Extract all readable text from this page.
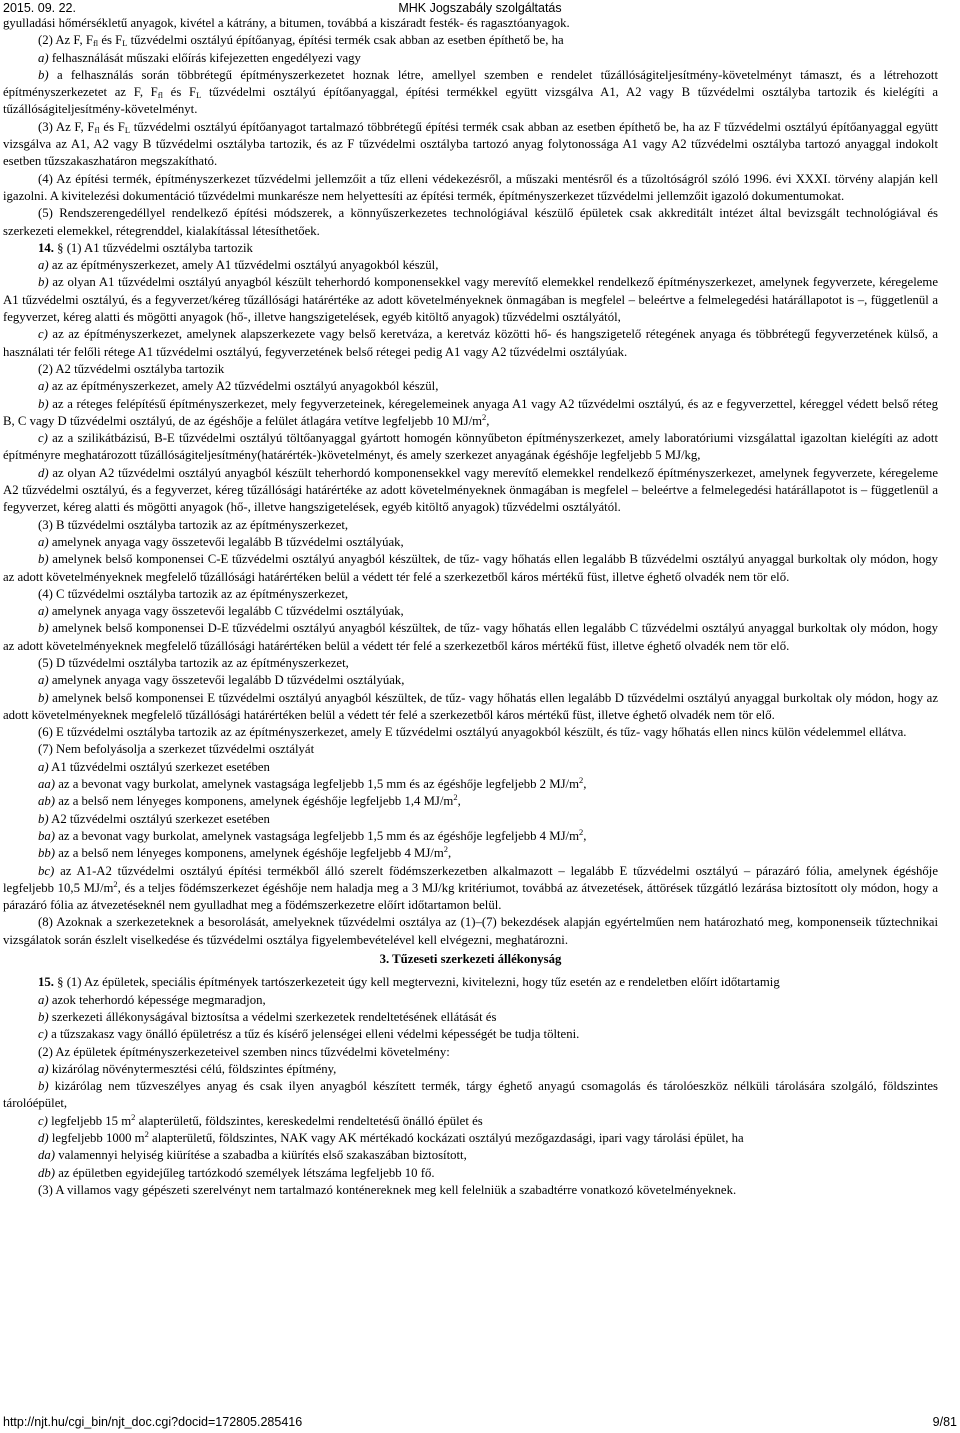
2015. 09. 22.	MHK Jogszabály szolgáltatás

gyulladási hőmérsékletű anyagok, kivétel a kátrány, a bitumen, továbbá a kiszáradt festék- és ragasztóanyagok.

(2) Az F, $F_{fl}$ és $F_L$ tűzvédelmi osztályú építőanyag, építési termék csak abban az esetben építhető be, ha

a) felhasználását műszaki előírás kifejezetten engedélyezi vagy

b) a felhasználás során többrétegű építményszerkezetet hoznak létre, amellyel szemben e rendelet tűzállóságiteljesítmény-követelményt támaszt, és a létrehozott építményszerkezetet az F, $F_{fl}$ és $F_L$ tűzvédelmi osztályú építőanyaggal, építési termékkel együtt vizsgálva A1, A2 vagy B tűzvédelmi osztályba tartozik és kielégíti a tűzállóságiteljesítmény-követelményt.

(3) Az F, $F_{fl}$ és $F_L$ tűzvédelmi osztályú építőanyagot tartalmazó többrétegű építési termék csak abban az esetben építhető be, ha az F tűzvédelmi osztályú építőanyaggal együtt vizsgálva az A1, A2 vagy B tűzvédelmi osztályba tartozik, és az F tűzvédelmi osztályba tartozó anyag folytonossága A1 vagy A2 tűzvédelmi osztályba tartozó anyaggal indokolt esetben tűzszakaszhatáron megszakítható.

(4) Az építési termék, építményszerkezet tűzvédelmi jellemzőit a tűz elleni védekezésről, a műszaki mentésről és a tűzoltóságról szóló 1996. évi XXXI. törvény alapján kell igazolni. A kivitelezési dokumentáció tűzvédelmi munkarésze nem helyettesíti az építési termék, építményszerkezet tűzvédelmi jellemzőit igazoló dokumentumokat.

(5) Rendszerengedéllyel rendelkező építési módszerek, a könnyűszerkezetes technológiával készülő épületek csak akkreditált intézet által bevizsgált technológiával és szerkezeti elemekkel, rétegrenddel, kialakítással létesíthetőek.

14. § (1) A1 tűzvédelmi osztályba tartozik

a) az az építményszerkezet, amely A1 tűzvédelmi osztályú anyagokból készül,

b) az olyan A1 tűzvédelmi osztályú anyagból készült teherhordó komponensekkel vagy merevítő elemekkel rendelkező építményszerkezet, amelynek fegyverzete, kéregeleme A1 tűzvédelmi osztályú, és a fegyverzet/kéreg tűzállósági határértéke az adott követelményeknek önmagában is megfelel – beleértve a felmelegedési határállapotot is –, függetlenül a fegyverzet, kéreg alatti és mögötti anyagok (hő-, illetve hangszigetelések, egyéb kitöltő anyagok) tűzvédelmi osztályától,

c) az az építményszerkezet, amelynek alapszerkezete vagy belső keretváza, a keretváz közötti hő- és hangszigetelő rétegének anyaga és többrétegű fegyverzetének külső, a használati tér felőli rétege A1 tűzvédelmi osztályú, fegyverzetének belső rétegei pedig A1 vagy A2 tűzvédelmi osztályúak.

(2) A2 tűzvédelmi osztályba tartozik

a) az az építményszerkezet, amely A2 tűzvédelmi osztályú anyagokból készül,

b) az a réteges felépítésű építményszerkezet, mely fegyverzeteinek, kéregelemeinek anyaga A1 vagy A2 tűzvédelmi osztályú, és az e fegyverzettel, kéreggel védett belső réteg B, C vagy D tűzvédelmi osztályú, de az égéshője a felület átlagára vetítve legfeljebb 10 $MJ/m^2$,

c) az a szilikátbázisú, B-E tűzvédelmi osztályú töltőanyaggal gyártott homogén könnyűbeton építményszerkezet, amely laboratóriumi vizsgálattal igazoltan kielégíti az adott építményre meghatározott tűzállóságiteljesítmény(határérték-)követelményt, és amely szerkezet anyagának égéshője legfeljebb 5 MJ/kg,

d) az olyan A2 tűzvédelmi osztályú anyagból készült teherhordó komponensekkel vagy merevítő elemekkel rendelkező építményszerkezet, amelynek fegyverzete, kéregeleme A2 tűzvédelmi osztályú, és a fegyverzet, kéreg tűzállósági határértéke az adott követelményeknek önmagában is megfelel – beleértve a felmelegedési határállapotot is – függetlenül a fegyverzet, kéreg alatti és mögötti anyagok (hő-, illetve hangszigetelések, egyéb kitöltő anyagok) tűzvédelmi osztályától.

(3) B tűzvédelmi osztályba tartozik az az építményszerkezet,

a) amelynek anyaga vagy összetevői legalább B tűzvédelmi osztályúak,

b) amelynek belső komponensei C-E tűzvédelmi osztályú anyagból készültek, de tűz- vagy hőhatás ellen legalább B tűzvédelmi osztályú anyaggal burkoltak oly módon, hogy az adott követelményeknek megfelelő tűzállósági határértéken belül a védett tér felé a szerkezetből káros mértékű füst, illetve éghető olvadék nem tör elő.

(4) C tűzvédelmi osztályba tartozik az az építményszerkezet,

a) amelynek anyaga vagy összetevői legalább C tűzvédelmi osztályúak,

b) amelynek belső komponensei D-E tűzvédelmi osztályú anyagból készültek, de tűz- vagy hőhatás ellen legalább C tűzvédelmi osztályú anyaggal burkoltak oly módon, hogy az adott követelményeknek megfelelő tűzállósági határértéken belül a védett tér felé a szerkezetből káros mértékű füst, illetve éghető olvadék nem tör elő.

(5) D tűzvédelmi osztályba tartozik az az építményszerkezet,

a) amelynek anyaga vagy összetevői legalább D tűzvédelmi osztályúak,

b) amelynek belső komponensei E tűzvédelmi osztályú anyagból készültek, de tűz- vagy hőhatás ellen legalább D tűzvédelmi osztályú anyaggal burkoltak oly módon, hogy az adott követelményeknek megfelelő tűzállósági határértéken belül a védett tér felé a szerkezetből káros mértékű füst, illetve éghető olvadék nem tör elő.

(6) E tűzvédelmi osztályba tartozik az az építményszerkezet, amely E tűzvédelmi osztályú anyagokból készült, és tűz- vagy hőhatás ellen nincs külön védelemmel ellátva.

(7) Nem befolyásolja a szerkezet tűzvédelmi osztályát

a) A1 tűzvédelmi osztályú szerkezet esetében

aa) az a bevonat vagy burkolat, amelynek vastagsága legfeljebb 1,5 mm és az égéshője legfeljebb 2 $MJ/m^2$,

ab) az a belső nem lényeges komponens, amelynek égéshője legfeljebb 1,4 $MJ/m^2$,

b) A2 tűzvédelmi osztályú szerkezet esetében

ba) az a bevonat vagy burkolat, amelynek vastagsága legfeljebb 1,5 mm és az égéshője legfeljebb 4 $MJ/m^2$,

bb) az a belső nem lényeges komponens, amelynek égéshője legfeljebb 4 $MJ/m^2$,

bc) az A1-A2 tűzvédelmi osztályú építési termékből álló szerelt födémszerkezetben alkalmazott – legalább E tűzvédelmi osztályú – párazáró fólia, amelynek égéshője legfeljebb 10,5 $MJ/m^2$, és a teljes födémszerkezet égéshője nem haladja meg a 3 MJ/kg kritériumot, továbbá az átvezetések, áttörések tűzgátló lezárása biztosított oly módon, hogy a párazáró fólia az átvezetéseknél nem gyulladhat meg a födémszerkezetre előírt időtartamon belül.

(8) Azoknak a szerkezeteknek a besorolását, amelyeknek tűzvédelmi osztálya az (1)–(7) bekezdések alapján egyértelműen nem határozható meg, komponenseik tűztechnikai vizsgálatok során észlelt viselkedése és tűzvédelmi osztálya figyelembevételével kell elvégezni, meghatározni.

3. Tűzeseti szerkezeti állékonyság

15. § (1) Az épületek, speciális építmények tartószerkezeteit úgy kell megtervezni, kivitelezni, hogy tűz esetén az e rendeletben előírt időtartamig

a) azok teherhordó képessége megmaradjon,

b) szerkezeti állékonyságával biztosítsa a védelmi szerkezetek rendeltetésének ellátását és

c) a tűzszakasz vagy önálló épületrész a tűz és kísérő jelenségei elleni védelmi képességét be tudja tölteni.

(2) Az épületek építményszerkezeteivel szemben nincs tűzvédelmi követelmény:

a) kizárólag növénytermesztési célú, földszintes építmény,

b) kizárólag nem tűzveszélyes anyag és csak ilyen anyagból készített termék, tárgy éghető anyagú csomagolás és tárolóeszköz nélküli tárolására szolgáló, földszintes tárolóépület,

c) legfeljebb 15 $m^2$ alapterületű, földszintes, kereskedelmi rendeltetésű önálló épület és

d) legfeljebb 1000 $m^2$ alapterületű, földszintes, NAK vagy AK mértékadó kockázati osztályú mezőgazdasági, ipari vagy tárolási épület, ha

da) valamennyi helyiség kiürítése a szabadba a kiürítés első szakaszában biztosított,

db) az épületben egyidejűleg tartózkodó személyek létszáma legfeljebb 10 fő.

(3) A villamos vagy gépészeti szerelvényt nem tartalmazó konténereknek meg kell felelniük a szabadtérre vonatkozó követelményeknek.

http://njt.hu/cgi_bin/njt_doc.cgi?docid=172805.285416	9/81
